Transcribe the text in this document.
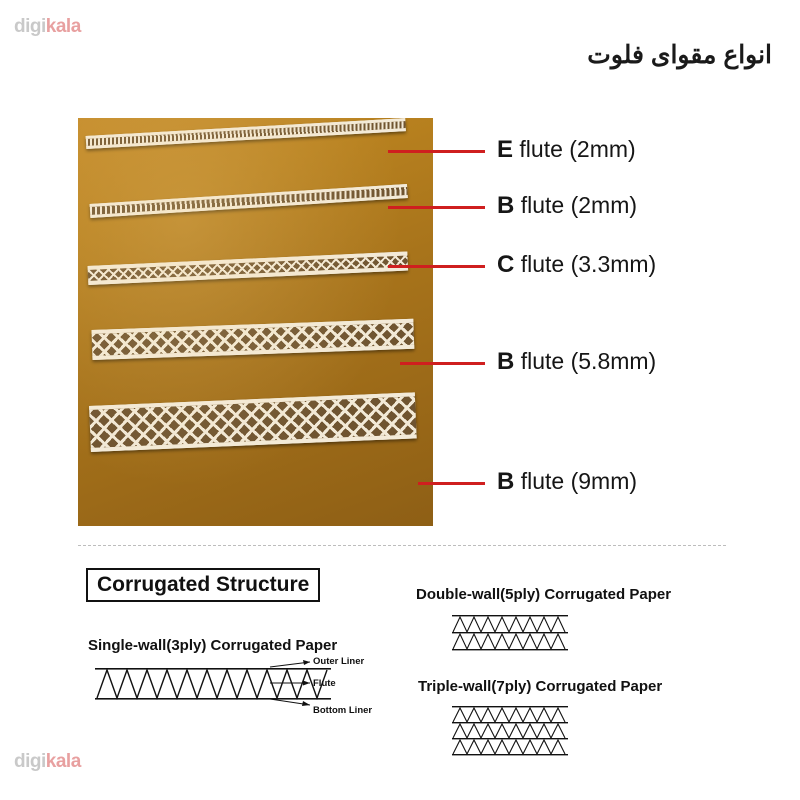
digikala
digikala
انواع مقوای فلوت
E flute (2mm)
B flute (2mm)
C flute (3.3mm)
B flute (5.8mm)
B flute (9mm)
Corrugated Structure
Single-wall(3ply) Corrugated Paper
Double-wall(5ply) Corrugated Paper
Triple-wall(7ply) Corrugated Paper
Outer Liner
Flute
Bottom Liner
